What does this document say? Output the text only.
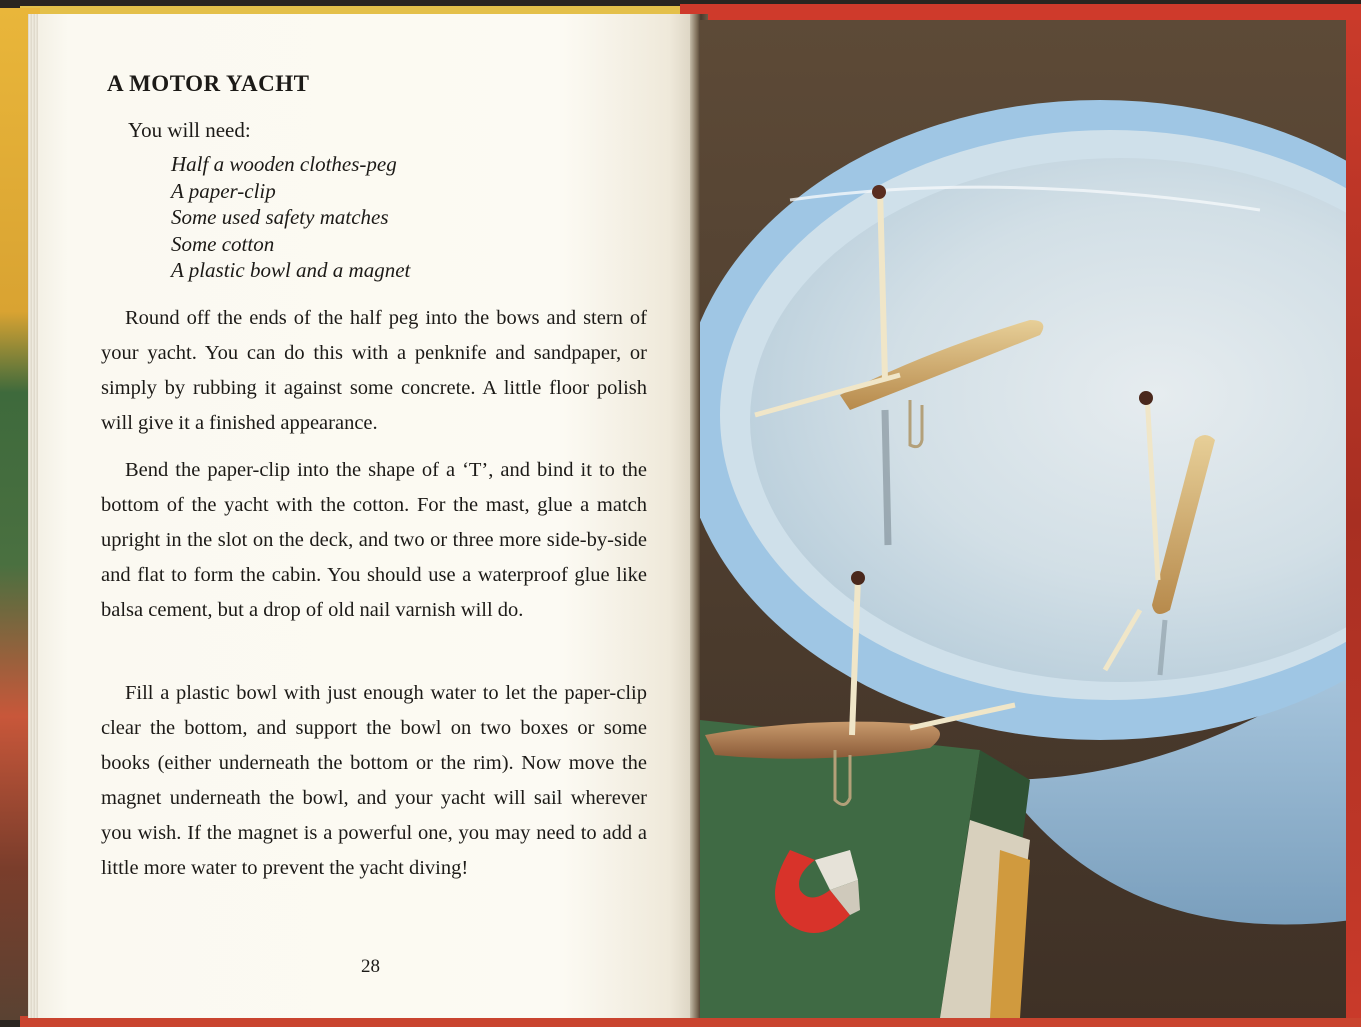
A MOTOR YACHT
You will need:
Half a wooden clothes-peg
A paper-clip
Some used safety matches
Some cotton
A plastic bowl and a magnet

Round off the ends of the half peg into the bows and stern of your yacht. You can do this with a penknife and sandpaper, or simply by rubbing it against some concrete. A little floor polish will give it a finished appearance.

Bend the paper-clip into the shape of a ‘T’, and bind it to the bottom of the yacht with the cotton. For the mast, glue a match upright in the slot on the deck, and two or three more side-by-side and flat to form the cabin. You should use a waterproof glue like balsa cement, but a drop of old nail varnish will do.

Fill a plastic bowl with just enough water to let the paper-clip clear the bottom, and support the bowl on two boxes or some books (either underneath the bottom or the rim). Now move the magnet underneath the bowl, and your yacht will sail wherever you wish. If the magnet is a powerful one, you may need to add a little more water to prevent the yacht diving!

28
